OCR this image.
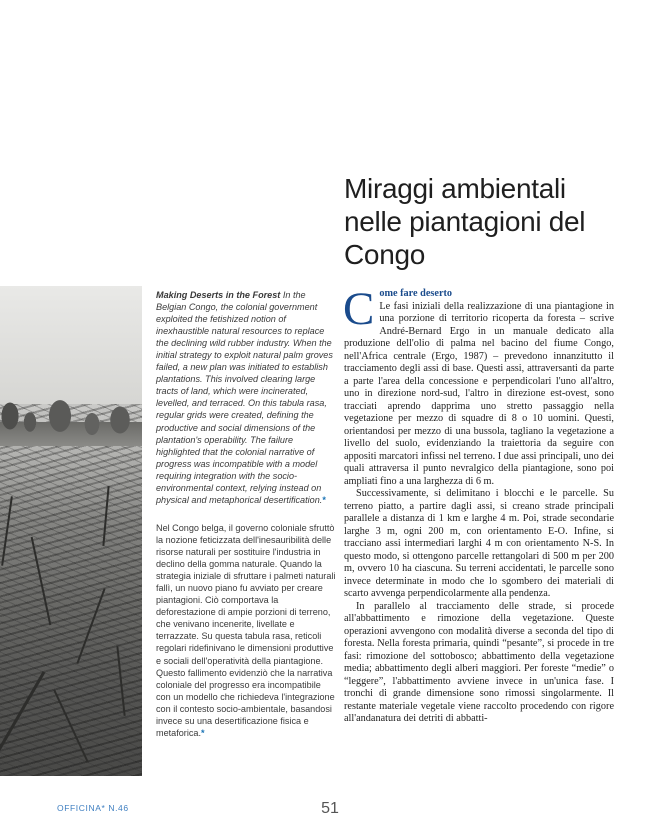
Miraggi ambientali
nelle piantagioni del
Congo
Making Deserts in the Forest In the Belgian Congo, the colonial government exploited the fetishized notion of inexhaustible natural resources to replace the declining wild rubber industry. When the initial strategy to exploit natural palm groves failed, a new plan was initiated to establish plantations. This involved clearing large tracts of land, which were incinerated, levelled, and terraced. On this tabula rasa, regular grids were created, defining the productive and social dimensions of the plantation's operability. The failure highlighted that the colonial narrative of progress was incompatible with a model requiring integration with the socio-environmental context, relying instead on physical and metaphorical desertification.*
Nel Congo belga, il governo coloniale sfruttò la nozione feticizzata dell'inesauribilità delle risorse naturali per sostituire l'industria in declino della gomma naturale. Quando la strategia iniziale di sfruttare i palmeti naturali fallì, un nuovo piano fu avviato per creare piantagioni. Ciò comportava la deforestazione di ampie porzioni di terreno, che venivano incenerite, livellate e terrazzate. Su questa tabula rasa, reticoli regolari ridefinivano le dimensioni produttive e sociali dell'operatività della piantagione. Questo fallimento evidenziò che la narrativa coloniale del progresso era incompatibile con un modello che richiedeva l'integrazione con il contesto socio-ambientale, basandosi invece su una desertificazione fisica e metaforica.*
C ome fare deserto
Le fasi iniziali della realizzazione di una piantagione in una porzione di territorio ricoperta da foresta – scrive André-Bernard Ergo in un manuale dedicato alla produzione dell'olio di palma nel bacino del fiume Congo, nell'Africa centrale (Ergo, 1987) – prevedono innanzitutto il tracciamento degli assi di base. Questi assi, attraversanti da parte a parte l'area della concessione e perpendicolari l'uno all'altro, uno in direzione nord-sud, l'altro in direzione est-ovest, sono tracciati aprendo dapprima uno stretto passaggio nella vegetazione per mezzo di squadre di 8 o 10 uomini. Questi, orientandosi per mezzo di una bussola, tagliano la vegetazione a livello del suolo, evidenziando la traiettoria da seguire con appositi marcatori infissi nel terreno. I due assi principali, uno dei quali attraversa il punto nevralgico della piantagione, sono poi ampliati fino a una larghezza di 6 m.

Successivamente, si delimitano i blocchi e le parcelle. Su terreno piatto, a partire dagli assi, si creano strade principali parallele a distanza di 1 km e larghe 4 m. Poi, strade secondarie larghe 3 m, ogni 200 m, con orientamento E-O. Infine, si tracciano assi intermediari larghi 4 m con orientamento N-S. In questo modo, si ottengono parcelle rettangolari di 500 m per 200 m, ovvero 10 ha ciascuna. Su terreni accidentati, le parcelle sono invece determinate in modo che lo sgombero dei materiali di scarto avvenga perpendicolarmente alla pendenza.

In parallelo al tracciamento delle strade, si procede all'abbattimento e rimozione della vegetazione. Queste operazioni avvengono con modalità diverse a seconda del tipo di foresta. Nella foresta primaria, quindi “pesante”, si procede in tre fasi: rimozione del sottobosco; abbattimento della vegetazione media; abbattimento degli alberi maggiori. Per foreste “medie” o “leggere”, l'abbattimento avviene invece in un'unica fase. I tronchi di grande dimensione sono rimossi singolarmente. Il restante materiale vegetale viene raccolto procedendo con rigore all'andanatura dei detriti di abbatti-

OFFICINA* N.46	51
